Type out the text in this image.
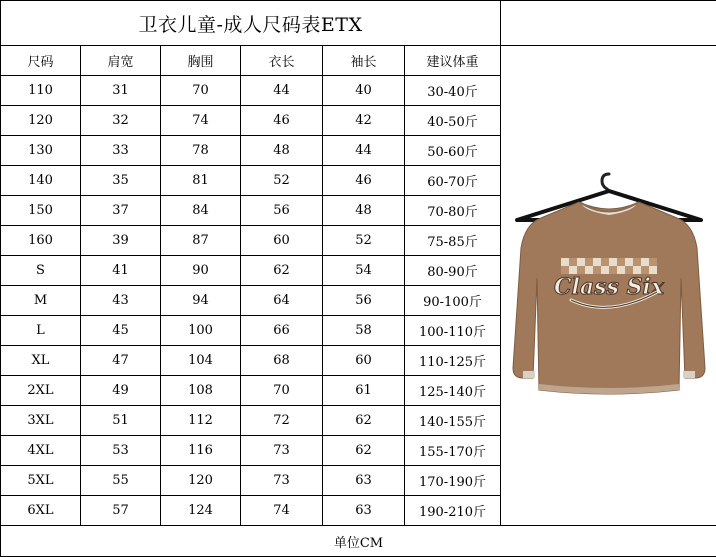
卫衣儿童-成人尺码表ETX						
尺码	肩宽	胸围	衣长	袖长	建议体重	Class Six

110	31	70	44	40	30-40斤	
120	32	74	46	42	40-50斤	
130	33	78	48	44	50-60斤	
140	35	81	52	46	60-70斤	
150	37	84	56	48	70-80斤	
160	39	87	60	52	75-85斤	
S	41	90	62	54	80-90斤	
M	43	94	64	56	90-100斤	
L	45	100	66	58	100-110斤	
XL	47	104	68	60	110-125斤	
2XL	49	108	70	61	125-140斤	
3XL	51	112	72	62	140-155斤	
4XL	53	116	73	62	155-170斤	
5XL	55	120	73	63	170-190斤	
6XL	57	124	74	63	190-210斤	
单位CM						
